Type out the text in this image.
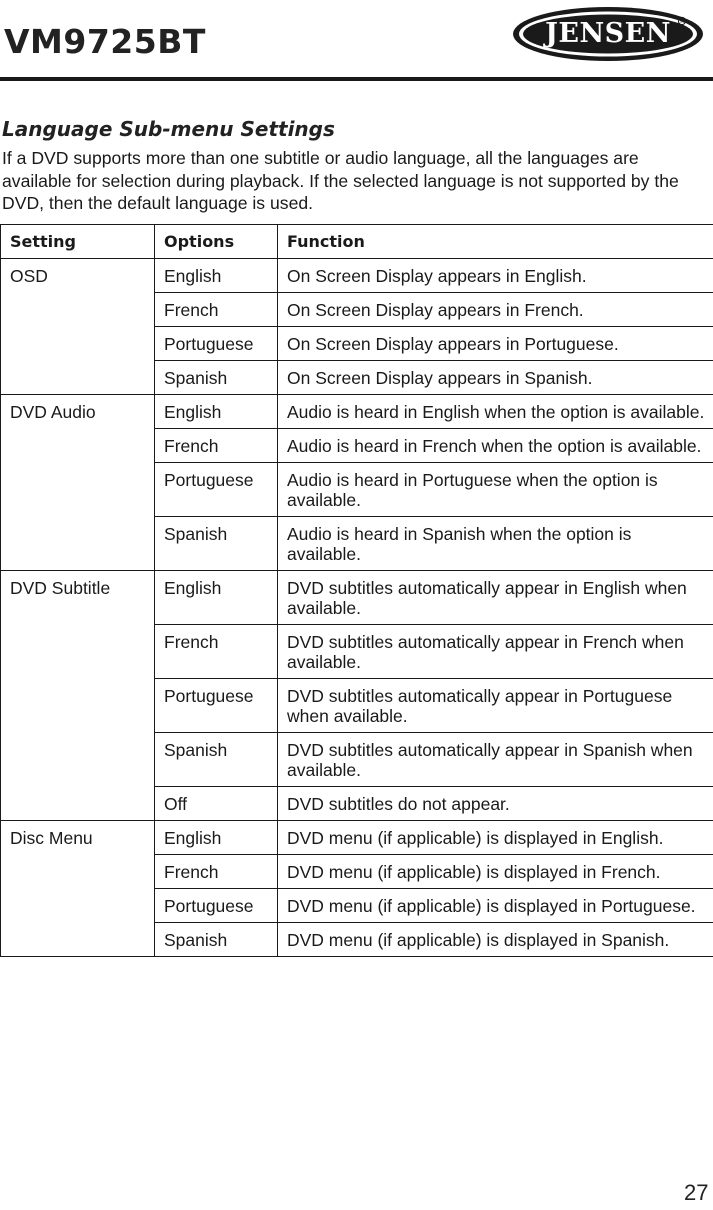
VM9725BT	R
JENSEN
Language Sub-menu Settings

If a DVD supports more than one subtitle or audio language, all the languages are available for selection during playback. If the selected language is not supported by the DVD, then the default language is used.

Setting	Options	Function
OSD	English	On Screen Display appears in English.
	French	On Screen Display appears in French.
	Portuguese	On Screen Display appears in Portuguese.
	Spanish	On Screen Display appears in Spanish.
DVD Audio	English	Audio is heard in English when the option is available.
	French	Audio is heard in French when the option is available.
	Portuguese	Audio is heard in Portuguese when the option is available.
	Spanish	Audio is heard in Spanish when the option is available.
DVD Subtitle	English	DVD subtitles automatically appear in English when available.
	French	DVD subtitles automatically appear in French when available.
	Portuguese	DVD subtitles automatically appear in Portuguese when available.
	Spanish	DVD subtitles automatically appear in Spanish when available.
	Off	DVD subtitles do not appear.
Disc Menu	English	DVD menu (if applicable) is displayed in English.
	French	DVD menu (if applicable) is displayed in French.
	Portuguese	DVD menu (if applicable) is displayed in Portuguese.
	Spanish	DVD menu (if applicable) is displayed in Spanish.
27
